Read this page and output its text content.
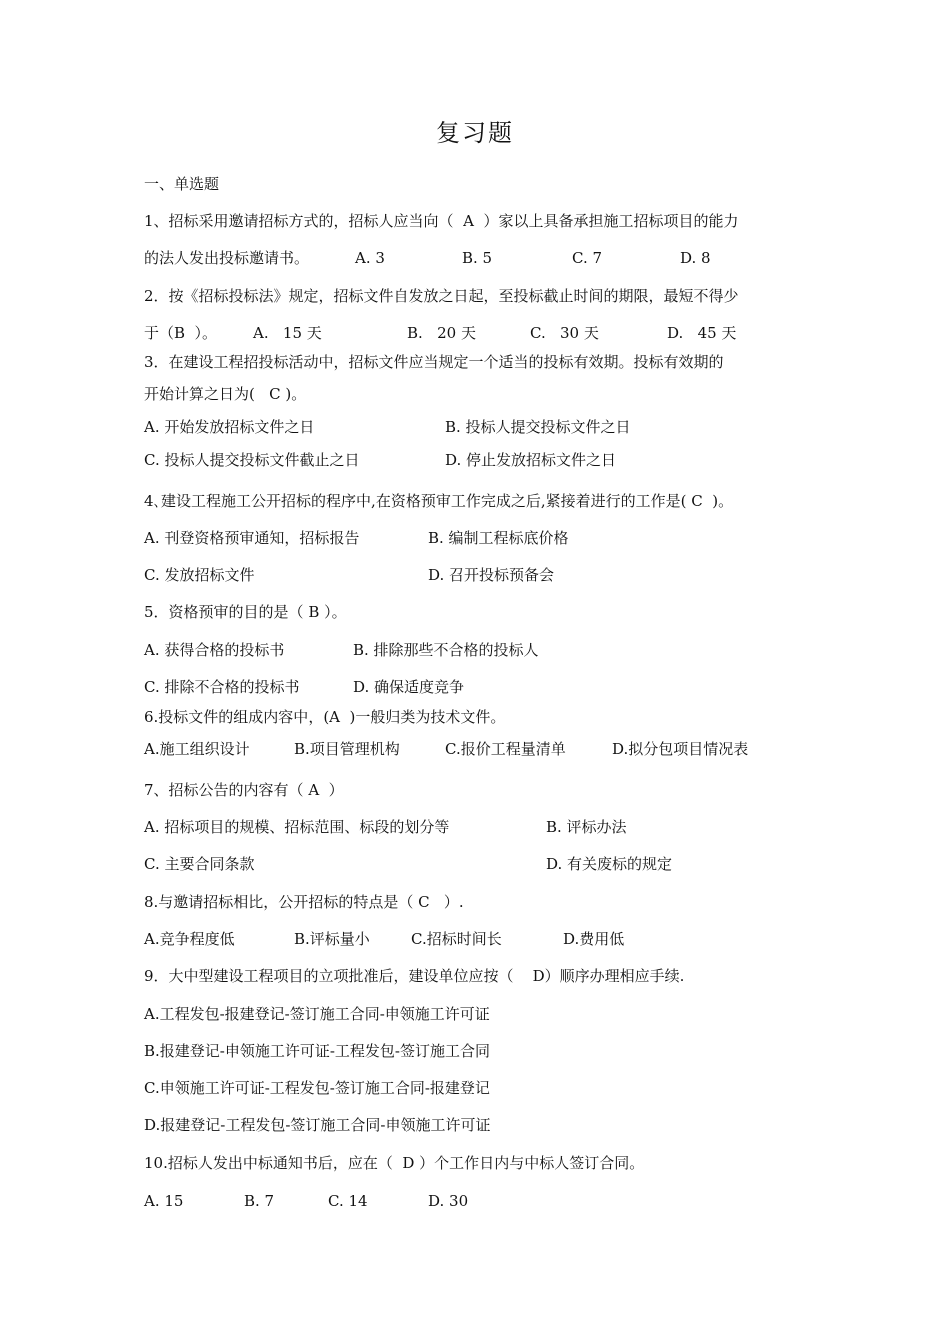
复习题
一、单选题
1、招标采用邀请招标方式的，招标人应当向（  A  ）家以上具备承担施工招标项目的能力
的法人发出投标邀请书。	A. 3	B. 5	C. 7	D. 8
2．按《招标投标法》规定，招标文件自发放之日起，至投标截止时间的期限，最短不得少
于（B  ）。 A.   15 天	B.   20 天	C.   30 天	D.   45 天
3．在建设工程招投标活动中，招标文件应当规定一个适当的投标有效期。投标有效期的
开始计算之日为(   C )。
A. 开始发放招标文件之日	B. 投标人提交投标文件之日
C. 投标人提交投标文件截止之日	D. 停止发放招标文件之日
4､建设工程施工公开招标的程序中,在资格预审工作完成之后,紧接着进行的工作是( C  )。
A. 刊登资格预审通知，招标报告	B. 编制工程标底价格
C. 发放招标文件	D. 召开投标预备会
5．资格预审的目的是（ B ）。
A. 获得合格的投标书	B. 排除那些不合格的投标人
C. 排除不合格的投标书	D. 确保适度竞争
6.投标文件的组成内容中，(A  )一般归类为技术文件。
A.施工组织设计	B.项目管理机构	C.报价工程量清单	D.拟分包项目情况表
7、招标公告的内容有（ A  ）
A. 招标项目的规模、招标范围、标段的划分等	B. 评标办法
C. 主要合同条款	D. 有关废标的规定
8.与邀请招标相比，公开招标的特点是（ C   ）.
A.竞争程度低	B.评标量小	C.招标时间长	D.费用低
9．大中型建设工程项目的立项批准后，建设单位应按（    D）顺序办理相应手续.
A.工程发包-报建登记-签订施工合同-申领施工许可证
B.报建登记-申领施工许可证-工程发包-签订施工合同
C.申领施工许可证-工程发包-签订施工合同-报建登记
D.报建登记-工程发包-签订施工合同-申领施工许可证
10.招标人发出中标通知书后，应在（  D ）个工作日内与中标人签订合同。
A. 15	B. 7	C. 14	D. 30
